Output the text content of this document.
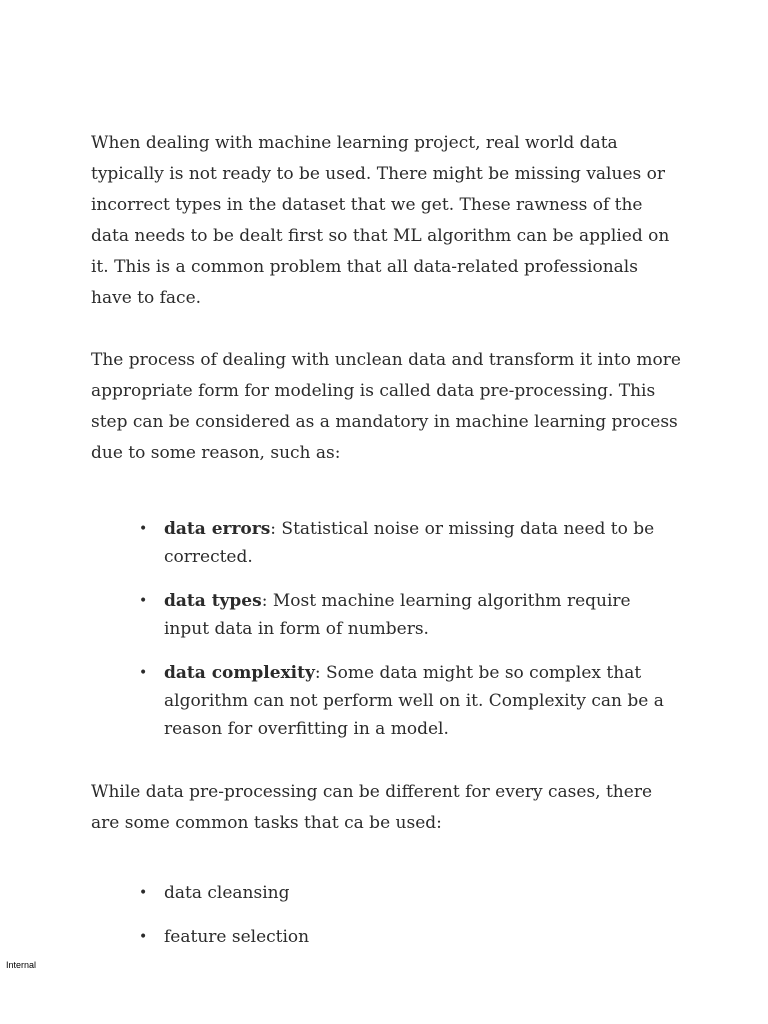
When dealing with machine learning project, real world data typically is not ready to be used. There might be missing values or incorrect types in the dataset that we get. These rawness of the data needs to be dealt first so that ML algorithm can be applied on it. This is a common problem that all data-related professionals have to face.

The process of dealing with unclean data and transform it into more appropriate form for modeling is called data pre-processing. This step can be considered as a mandatory in machine learning process due to some reason, such as:

• data errors: Statistical noise or missing data need to be corrected.
• data types: Most machine learning algorithm require input data in form of numbers.
• data complexity: Some data might be so complex that algorithm can not perform well on it. Complexity can be a reason for overfitting in a model.

While data pre-processing can be different for every cases, there are some common tasks that ca be used:

• data cleansing
• feature selection
Internal
